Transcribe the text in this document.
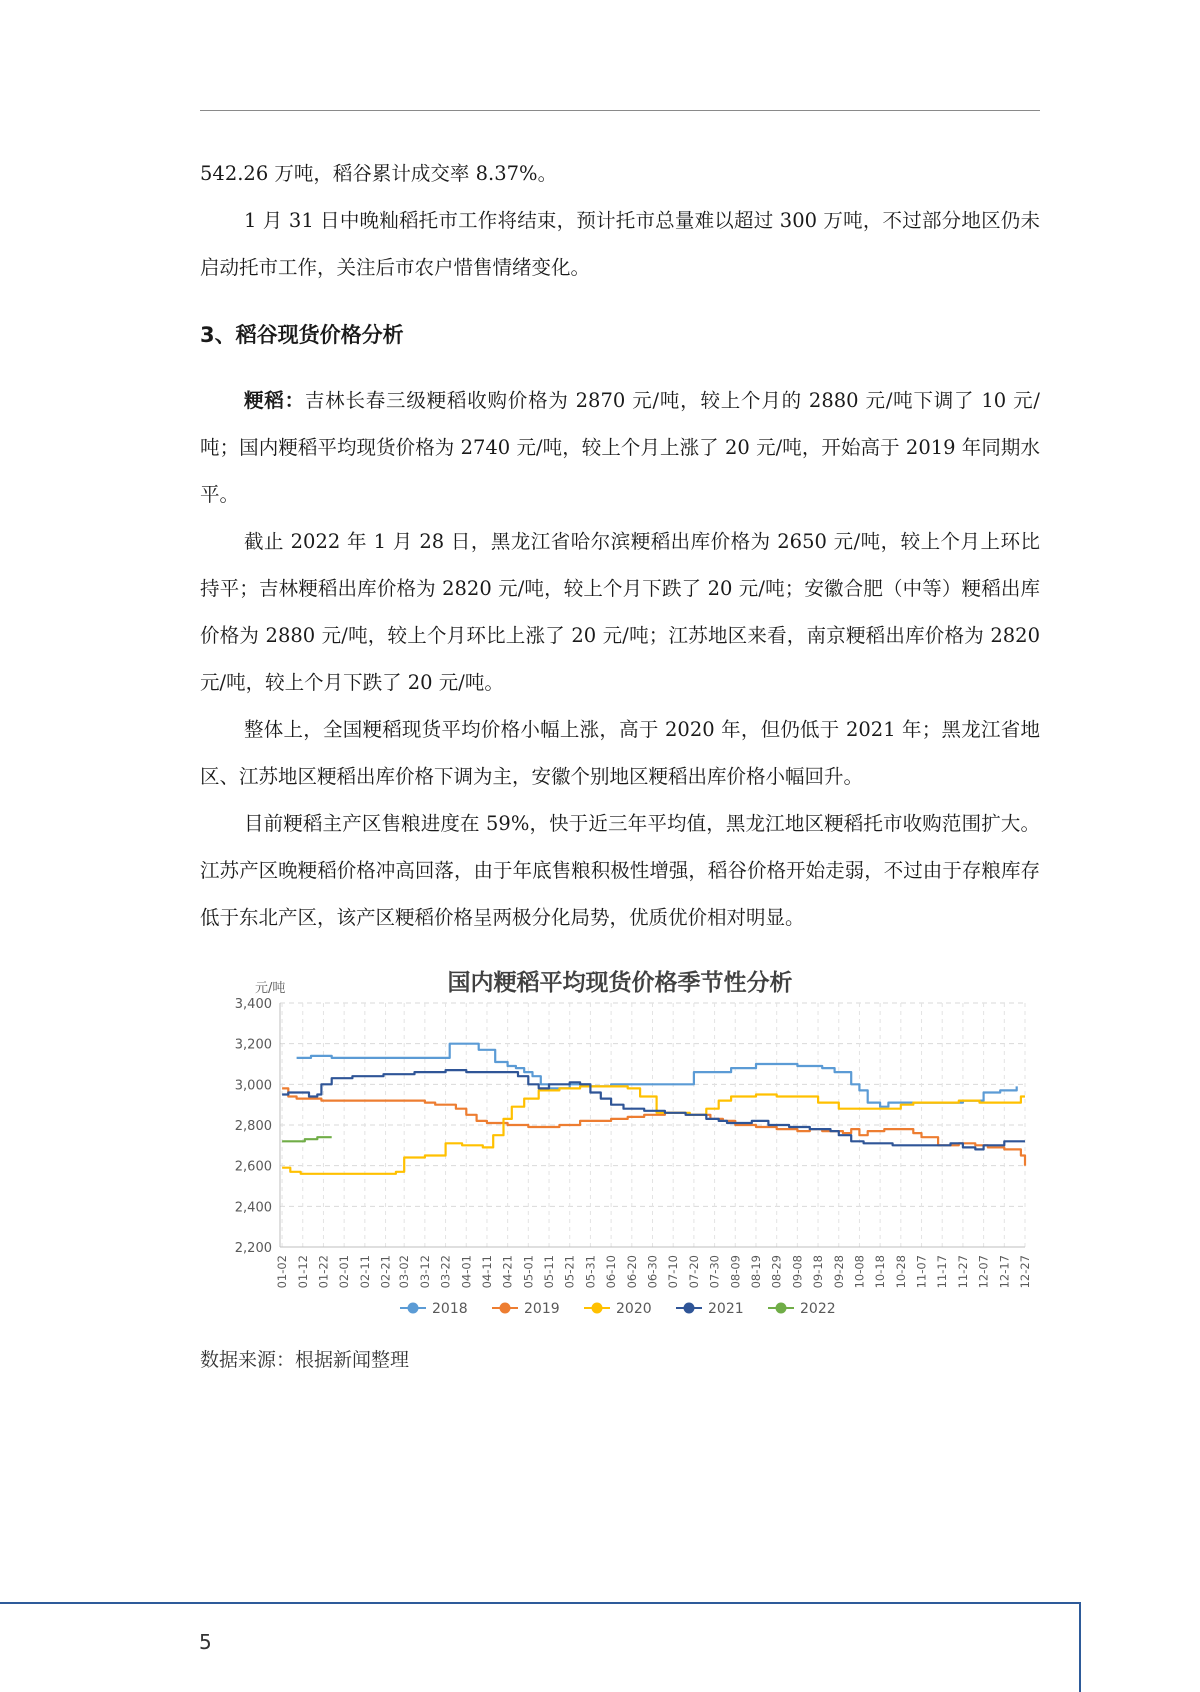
542.26 万吨，稻谷累计成交率 8.37%。

1 月 31 日中晚籼稻托市工作将结束，预计托市总量难以超过 300 万吨，不过部分地区仍未启动托市工作，关注后市农户惜售情绪变化。

3、稻谷现货价格分析

粳稻：吉林长春三级粳稻收购价格为 2870 元/吨，较上个月的 2880 元/吨下调了 10 元/吨；国内粳稻平均现货价格为 2740 元/吨，较上个月上涨了 20 元/吨，开始高于 2019 年同期水平。

截止 2022 年 1 月 28 日，黑龙江省哈尔滨粳稻出库价格为 2650 元/吨，较上个月上环比持平；吉林粳稻出库价格为 2820 元/吨，较上个月下跌了 20 元/吨；安徽合肥（中等）粳稻出库价格为 2880 元/吨，较上个月环比上涨了 20 元/吨；江苏地区来看，南京粳稻出库价格为 2820 元/吨，较上个月下跌了 20 元/吨。

整体上，全国粳稻现货平均价格小幅上涨，高于 2020 年，但仍低于 2021 年；黑龙江省地区、江苏地区粳稻出库价格下调为主，安徽个别地区粳稻出库价格小幅回升。

目前粳稻主产区售粮进度在 59%，快于近三年平均值，黑龙江地区粳稻托市收购范围扩大。江苏产区晚粳稻价格冲高回落，由于年底售粮积极性增强，稻谷价格开始走弱，不过由于存粮库存低于东北产区，该产区粳稻价格呈两极分化局势，优质优价相对明显。

国内粳稻平均现货价格季节性分析
元/吨
2,200
2,400
2,600
2,800
3,000
3,200
3,400
01-02 01-12 01-22 02-01 02-11 02-21 03-02 03-12 03-22 04-01 04-11 04-21 05-01 05-11 05-21 05-31 06-10 06-20 06-30 07-10 07-20 07-30 08-09 08-19 08-29 09-08 09-18 09-28 10-08 10-18 10-28 11-07 11-17 11-27 12-07 12-17 12-27
2018	2019	2020	2021	2022
数据来源：根据新闻整理
5
